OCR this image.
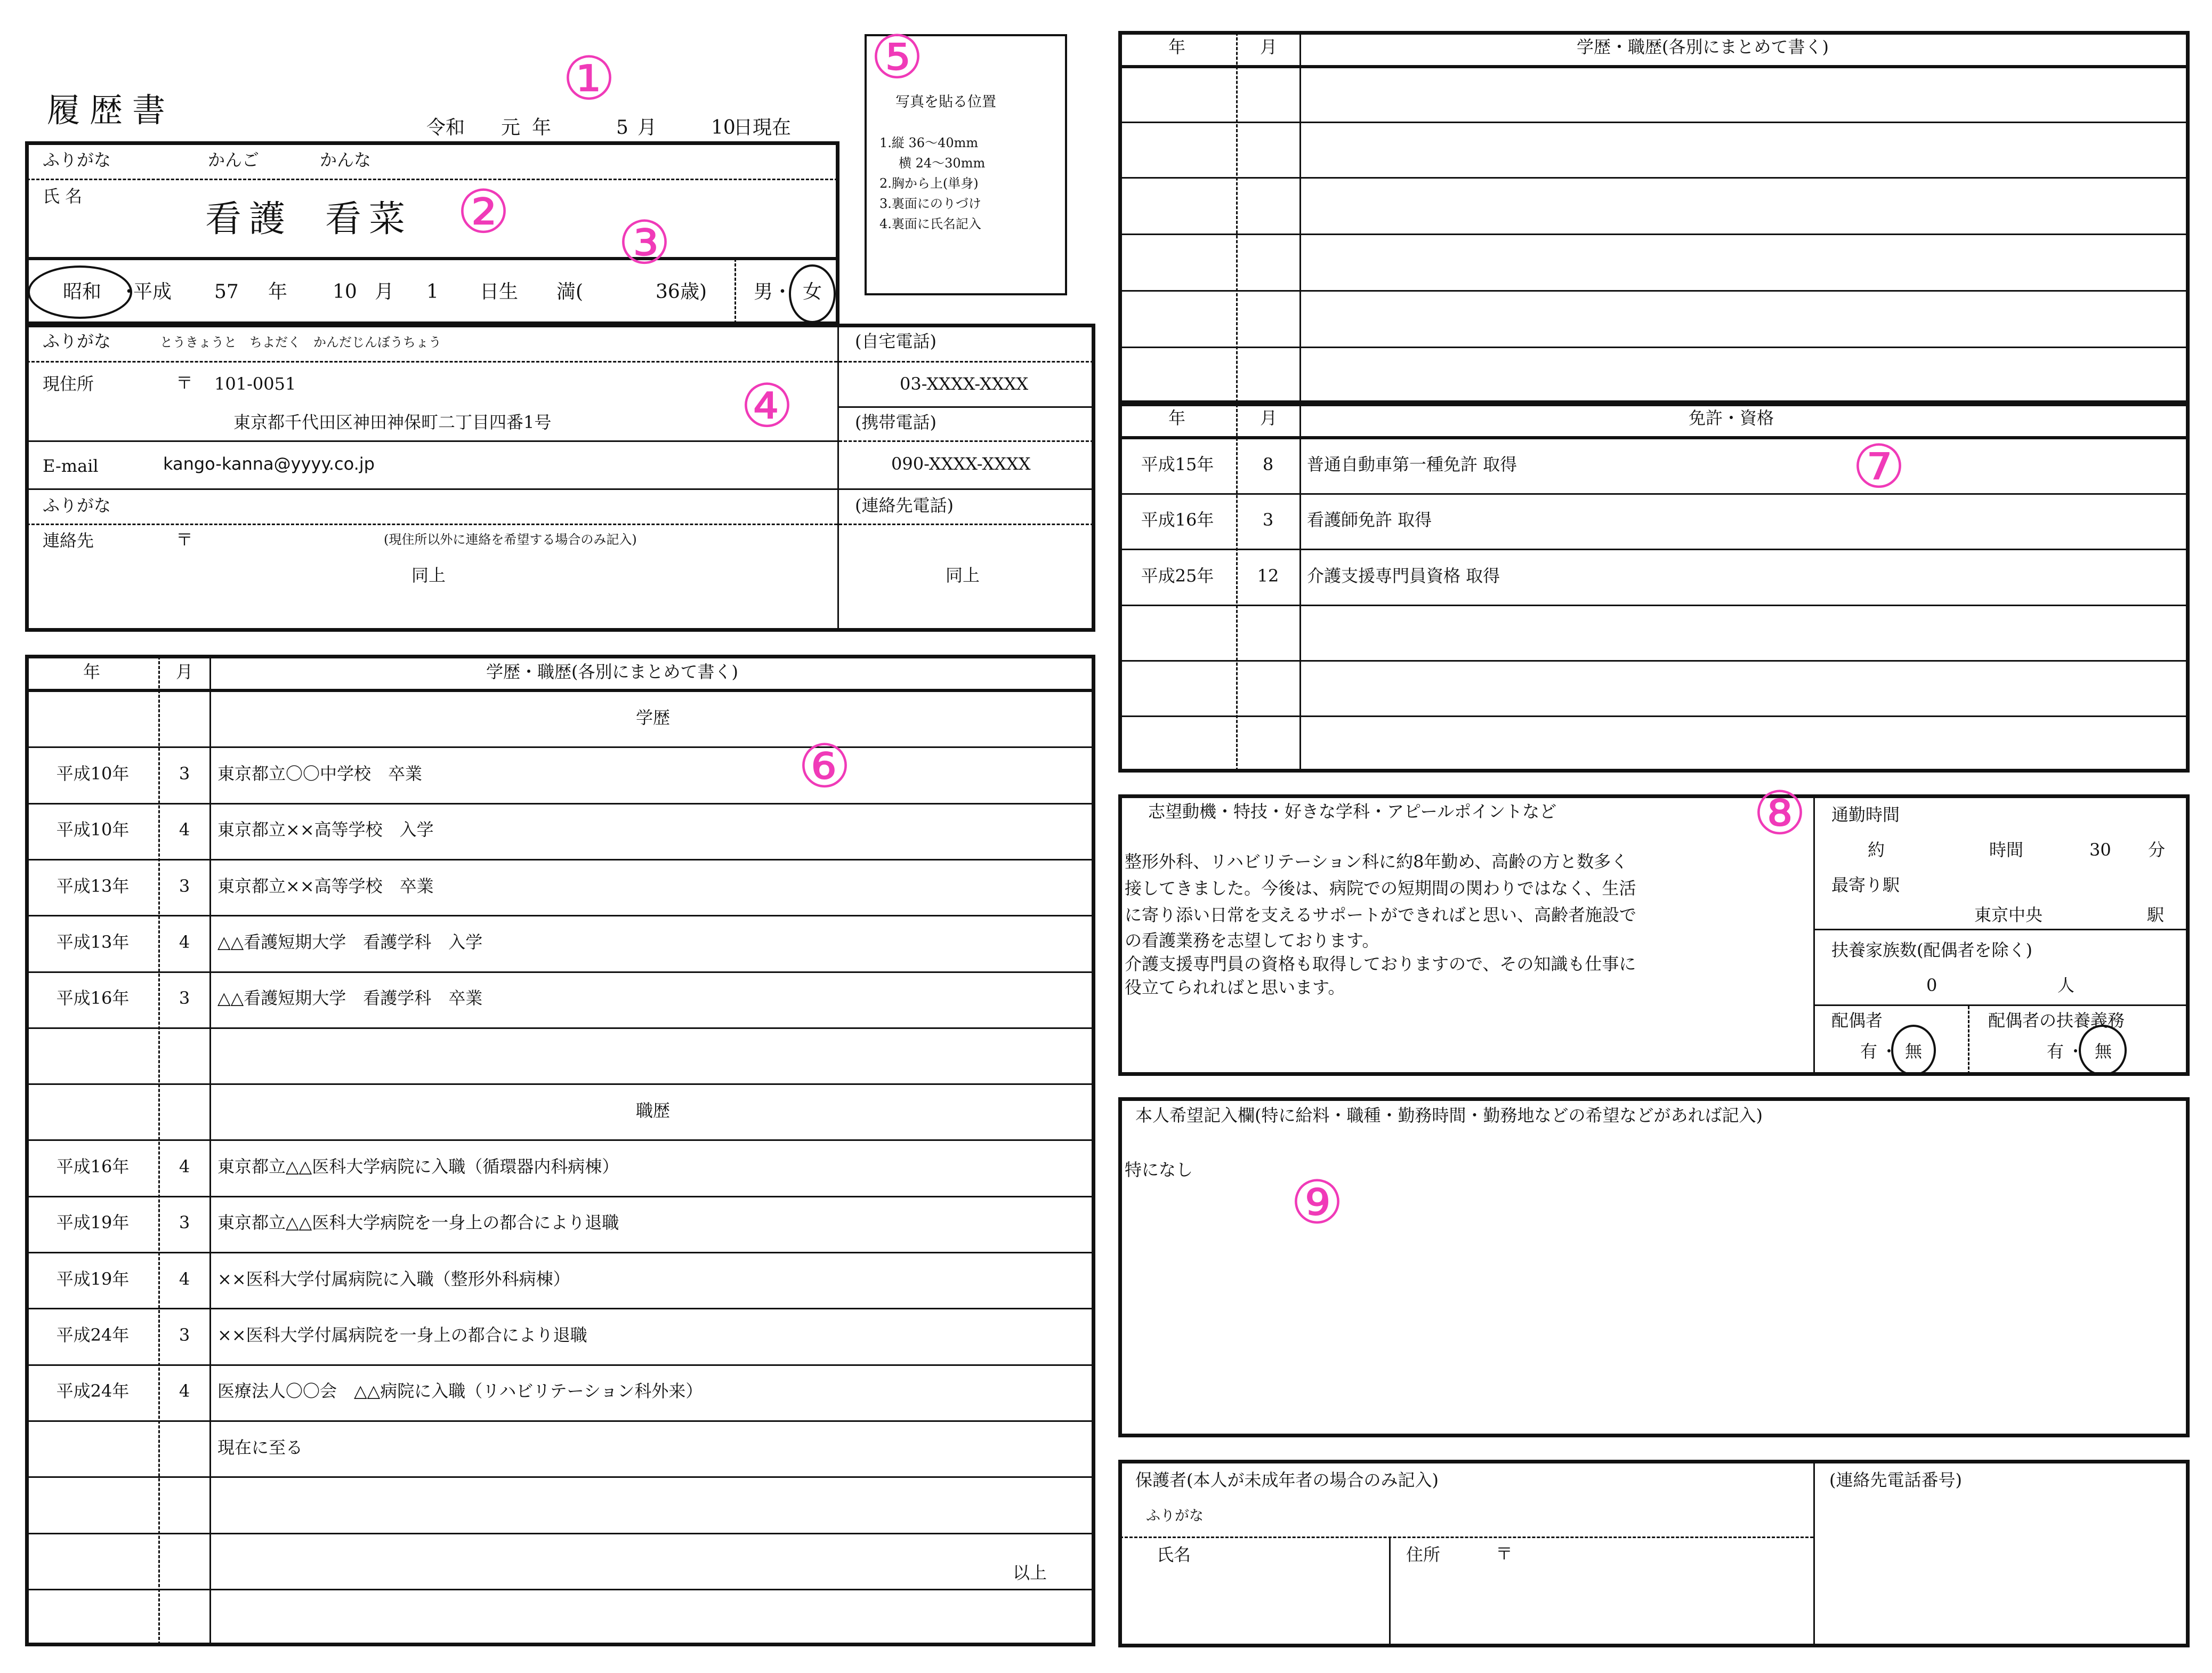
履歴書	令和 元 年	5 月	10
日現在
ふりがな	かんご	かんな
氏 名
看護 看菜
昭和 ・
平成 57 年 10 月 1 日生 満(	36 歳) 男 ・ 女
写真を貼る位置
1.縦 36〜40mm
横 24〜30mm
2.胸から上(単身)
3.裏面にのりづけ
4.裏面に氏名記入
ふりがな	とうきょうと　ちよだく　かんだじんぼうちょう
現住所	〒 101-0051
東京都千代田区神田神保町二丁目四番1号
E-mail	kango-kanna@yyyy.co.jp
ふりがな
連絡先	〒	(現住所以外に連絡を希望する場合のみ記入)
同上
(自宅電話)
03-XXXX-XXXX
(携帯電話)
090-XXXX-XXXX
(連絡先電話)
同上
年	月	学歴・職歴(各別にまとめて書く)
学歴
平成10年	3	東京都立〇〇中学校　卒業
平成10年	4	東京都立××高等学校　入学
平成13年	3	東京都立××高等学校　卒業
平成13年	4	△△看護短期大学　看護学科　入学
平成16年	3	△△看護短期大学　看護学科　卒業
職歴
平成16年	4	東京都立△△医科大学病院に入職（循環器内科病棟）
平成19年	3	東京都立△△医科大学病院を一身上の都合により退職
平成19年	4	××医科大学付属病院に入職（整形外科病棟）
平成24年	3	××医科大学付属病院を一身上の都合により退職
平成24年	4	医療法人〇〇会　△△病院に入職（リハビリテーション科外来）
現在に至る
以上
年	月	学歴・職歴(各別にまとめて書く)
年	月	免許・資格
平成15年	8	普通自動車第一種免許 取得
平成16年	3	看護師免許 取得
平成25年	12	介護支援専門員資格 取得
志望動機・特技・好きな学科・アピールポイントなど
整形外科、リハビリテーション科に約8年勤め、高齢の方と数多く
接してきました。今後は、病院での短期間の関わりではなく、生活
に寄り添い日常を支えるサポートができればと思い、高齢者施設で
の看護業務を志望しております。
介護支援専門員の資格も取得しておりますので、その知識も仕事に
役立てられればと思います。
通勤時間
約	時間	30 分
最寄り駅
東京中央	駅
扶養家族数(配偶者を除く)
0	人
配偶者
有 ・ 無
配偶者の扶養義務
有 ・ 無
本人希望記入欄(特に給料・職種・勤務時間・勤務地などの希望などがあれば記入)
特になし
保護者(本人が未成年者の場合のみ記入)
ふりがな
氏名	住所	〒
(連絡先電話番号)
①
② ③
④
⑤
⑥
⑦
⑧
⑨
